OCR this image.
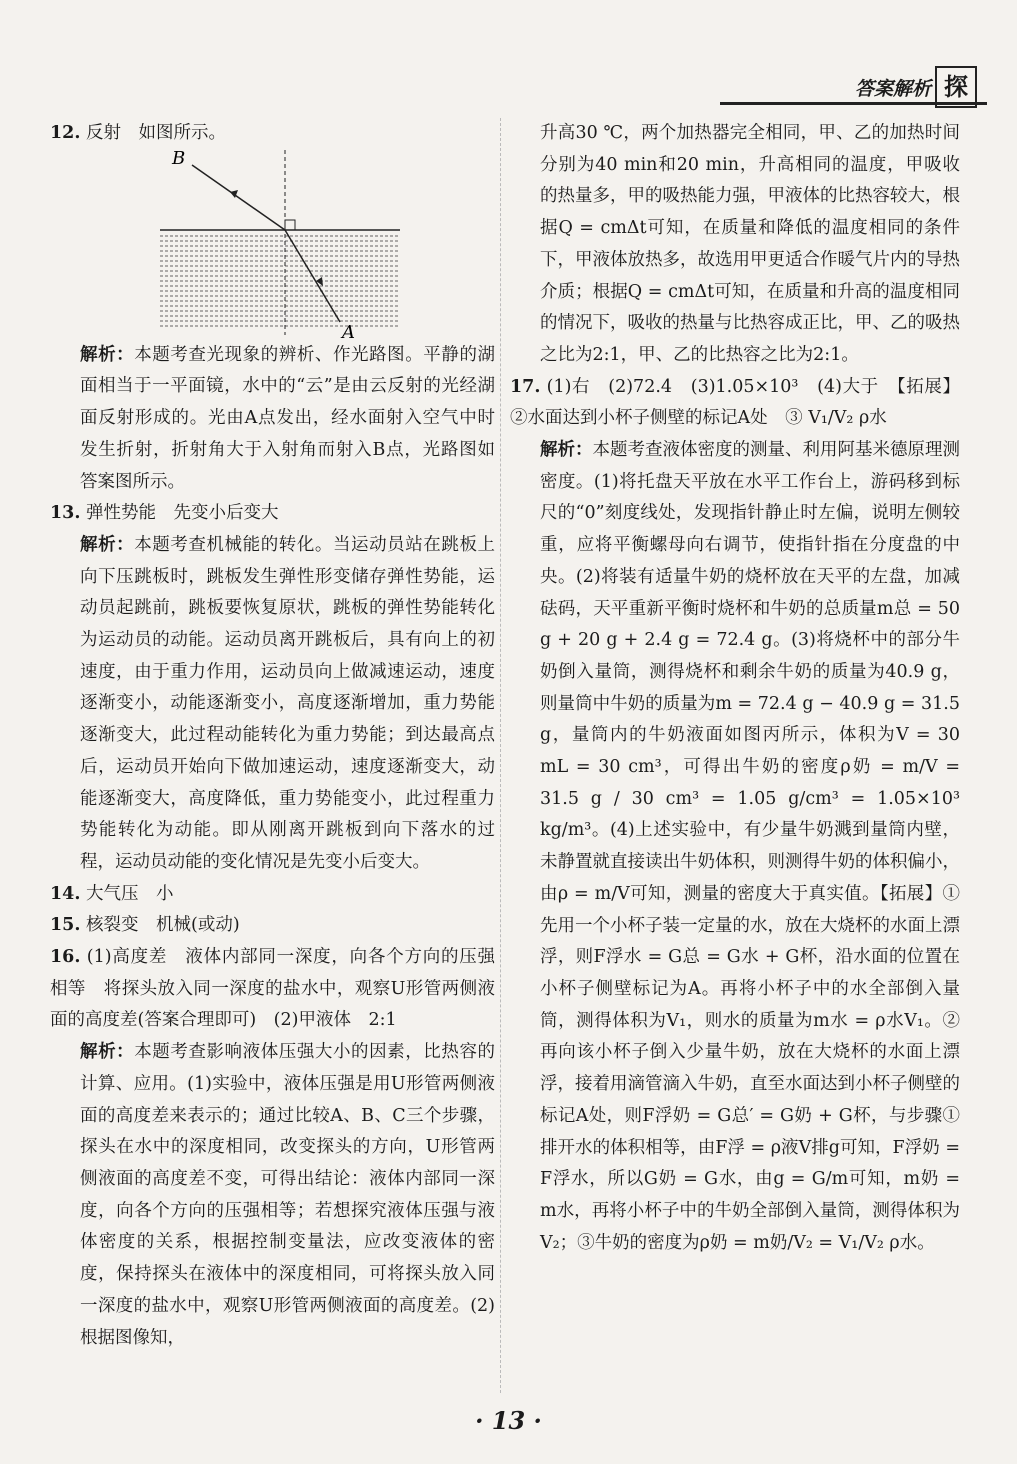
答案解析 探

12. 反射　如图所示。

B
A

解析：本题考查光现象的辨析、作光路图。平静的湖面相当于一平面镜，水中的“云”是由云反射的光经湖面反射形成的。光由A点发出，经水面射入空气中时发生折射，折射角大于入射角而射入B点，光路图如答案图所示。

13. 弹性势能　先变小后变大

解析：本题考查机械能的转化。当运动员站在跳板上向下压跳板时，跳板发生弹性形变储存弹性势能，运动员起跳前，跳板要恢复原状，跳板的弹性势能转化为运动员的动能。运动员离开跳板后，具有向上的初速度，由于重力作用，运动员向上做减速运动，速度逐渐变小，动能逐渐变小，高度逐渐增加，重力势能逐渐变大，此过程动能转化为重力势能；到达最高点后，运动员开始向下做加速运动，速度逐渐变大，动能逐渐变大，高度降低，重力势能变小，此过程重力势能转化为动能。即从刚离开跳板到向下落水的过程，运动员动能的变化情况是先变小后变大。

14. 大气压　小

15. 核裂变　机械(或动)

16. (1)高度差　液体内部同一深度，向各个方向的压强相等　将探头放入同一深度的盐水中，观察U形管两侧液面的高度差(答案合理即可)　(2)甲液体　2:1

解析：本题考查影响液体压强大小的因素，比热容的计算、应用。(1)实验中，液体压强是用U形管两侧液面的高度差来表示的；通过比较A、B、C三个步骤，探头在水中的深度相同，改变探头的方向，U形管两侧液面的高度差不变，可得出结论：液体内部同一深度，向各个方向的压强相等；若想探究液体压强与液体密度的关系，根据控制变量法，应改变液体的密度，保持探头在液体中的深度相同，可将探头放入同一深度的盐水中，观察U形管两侧液面的高度差。(2)根据图像知，

升高30 ℃，两个加热器完全相同，甲、乙的加热时间分别为40 min和20 min，升高相同的温度，甲吸收的热量多，甲的吸热能力强，甲液体的比热容较大，根据Q = cmΔt可知，在质量和降低的温度相同的条件下，甲液体放热多，故选用甲更适合作暖气片内的导热介质；根据Q = cmΔt可知，在质量和升高的温度相同的情况下，吸收的热量与比热容成正比，甲、乙的吸热之比为2:1，甲、乙的比热容之比为2:1。

17. (1)右　(2)72.4　(3)1.05×10³　(4)大于　【拓展】②水面达到小杯子侧壁的标记A处　③ V₁/V₂ ρ水

解析：本题考查液体密度的测量、利用阿基米德原理测密度。(1)将托盘天平放在水平工作台上，游码移到标尺的“0”刻度线处，发现指针静止时左偏，说明左侧较重，应将平衡螺母向右调节，使指针指在分度盘的中央。(2)将装有适量牛奶的烧杯放在天平的左盘，加减砝码，天平重新平衡时烧杯和牛奶的总质量m总 = 50 g + 20 g + 2.4 g = 72.4 g。(3)将烧杯中的部分牛奶倒入量筒，测得烧杯和剩余牛奶的质量为40.9 g，则量筒中牛奶的质量为m = 72.4 g − 40.9 g = 31.5 g，量筒内的牛奶液面如图丙所示，体积为V = 30 mL = 30 cm³，可得出牛奶的密度ρ奶 = m/V = 31.5 g / 30 cm³ = 1.05 g/cm³ = 1.05×10³ kg/m³。(4)上述实验中，有少量牛奶溅到量筒内壁，未静置就直接读出牛奶体积，则测得牛奶的体积偏小，由ρ = m/V可知，测量的密度大于真实值。【拓展】①先用一个小杯子装一定量的水，放在大烧杯的水面上漂浮，则F浮水 = G总 = G水 + G杯，沿水面的位置在小杯子侧壁标记为A。再将小杯子中的水全部倒入量筒，测得体积为V₁，则水的质量为m水 = ρ水V₁。②再向该小杯子倒入少量牛奶，放在大烧杯的水面上漂浮，接着用滴管滴入牛奶，直至水面达到小杯子侧壁的标记A处，则F浮奶 = G总′ = G奶 + G杯，与步骤①排开水的体积相等，由F浮 = ρ液V排g可知，F浮奶 = F浮水，所以G奶 = G水，由g = G/m可知，m奶 = m水，再将小杯子中的牛奶全部倒入量筒，测得体积为V₂；③牛奶的密度为ρ奶 = m奶/V₂ = V₁/V₂ ρ水。

· 13 ·
